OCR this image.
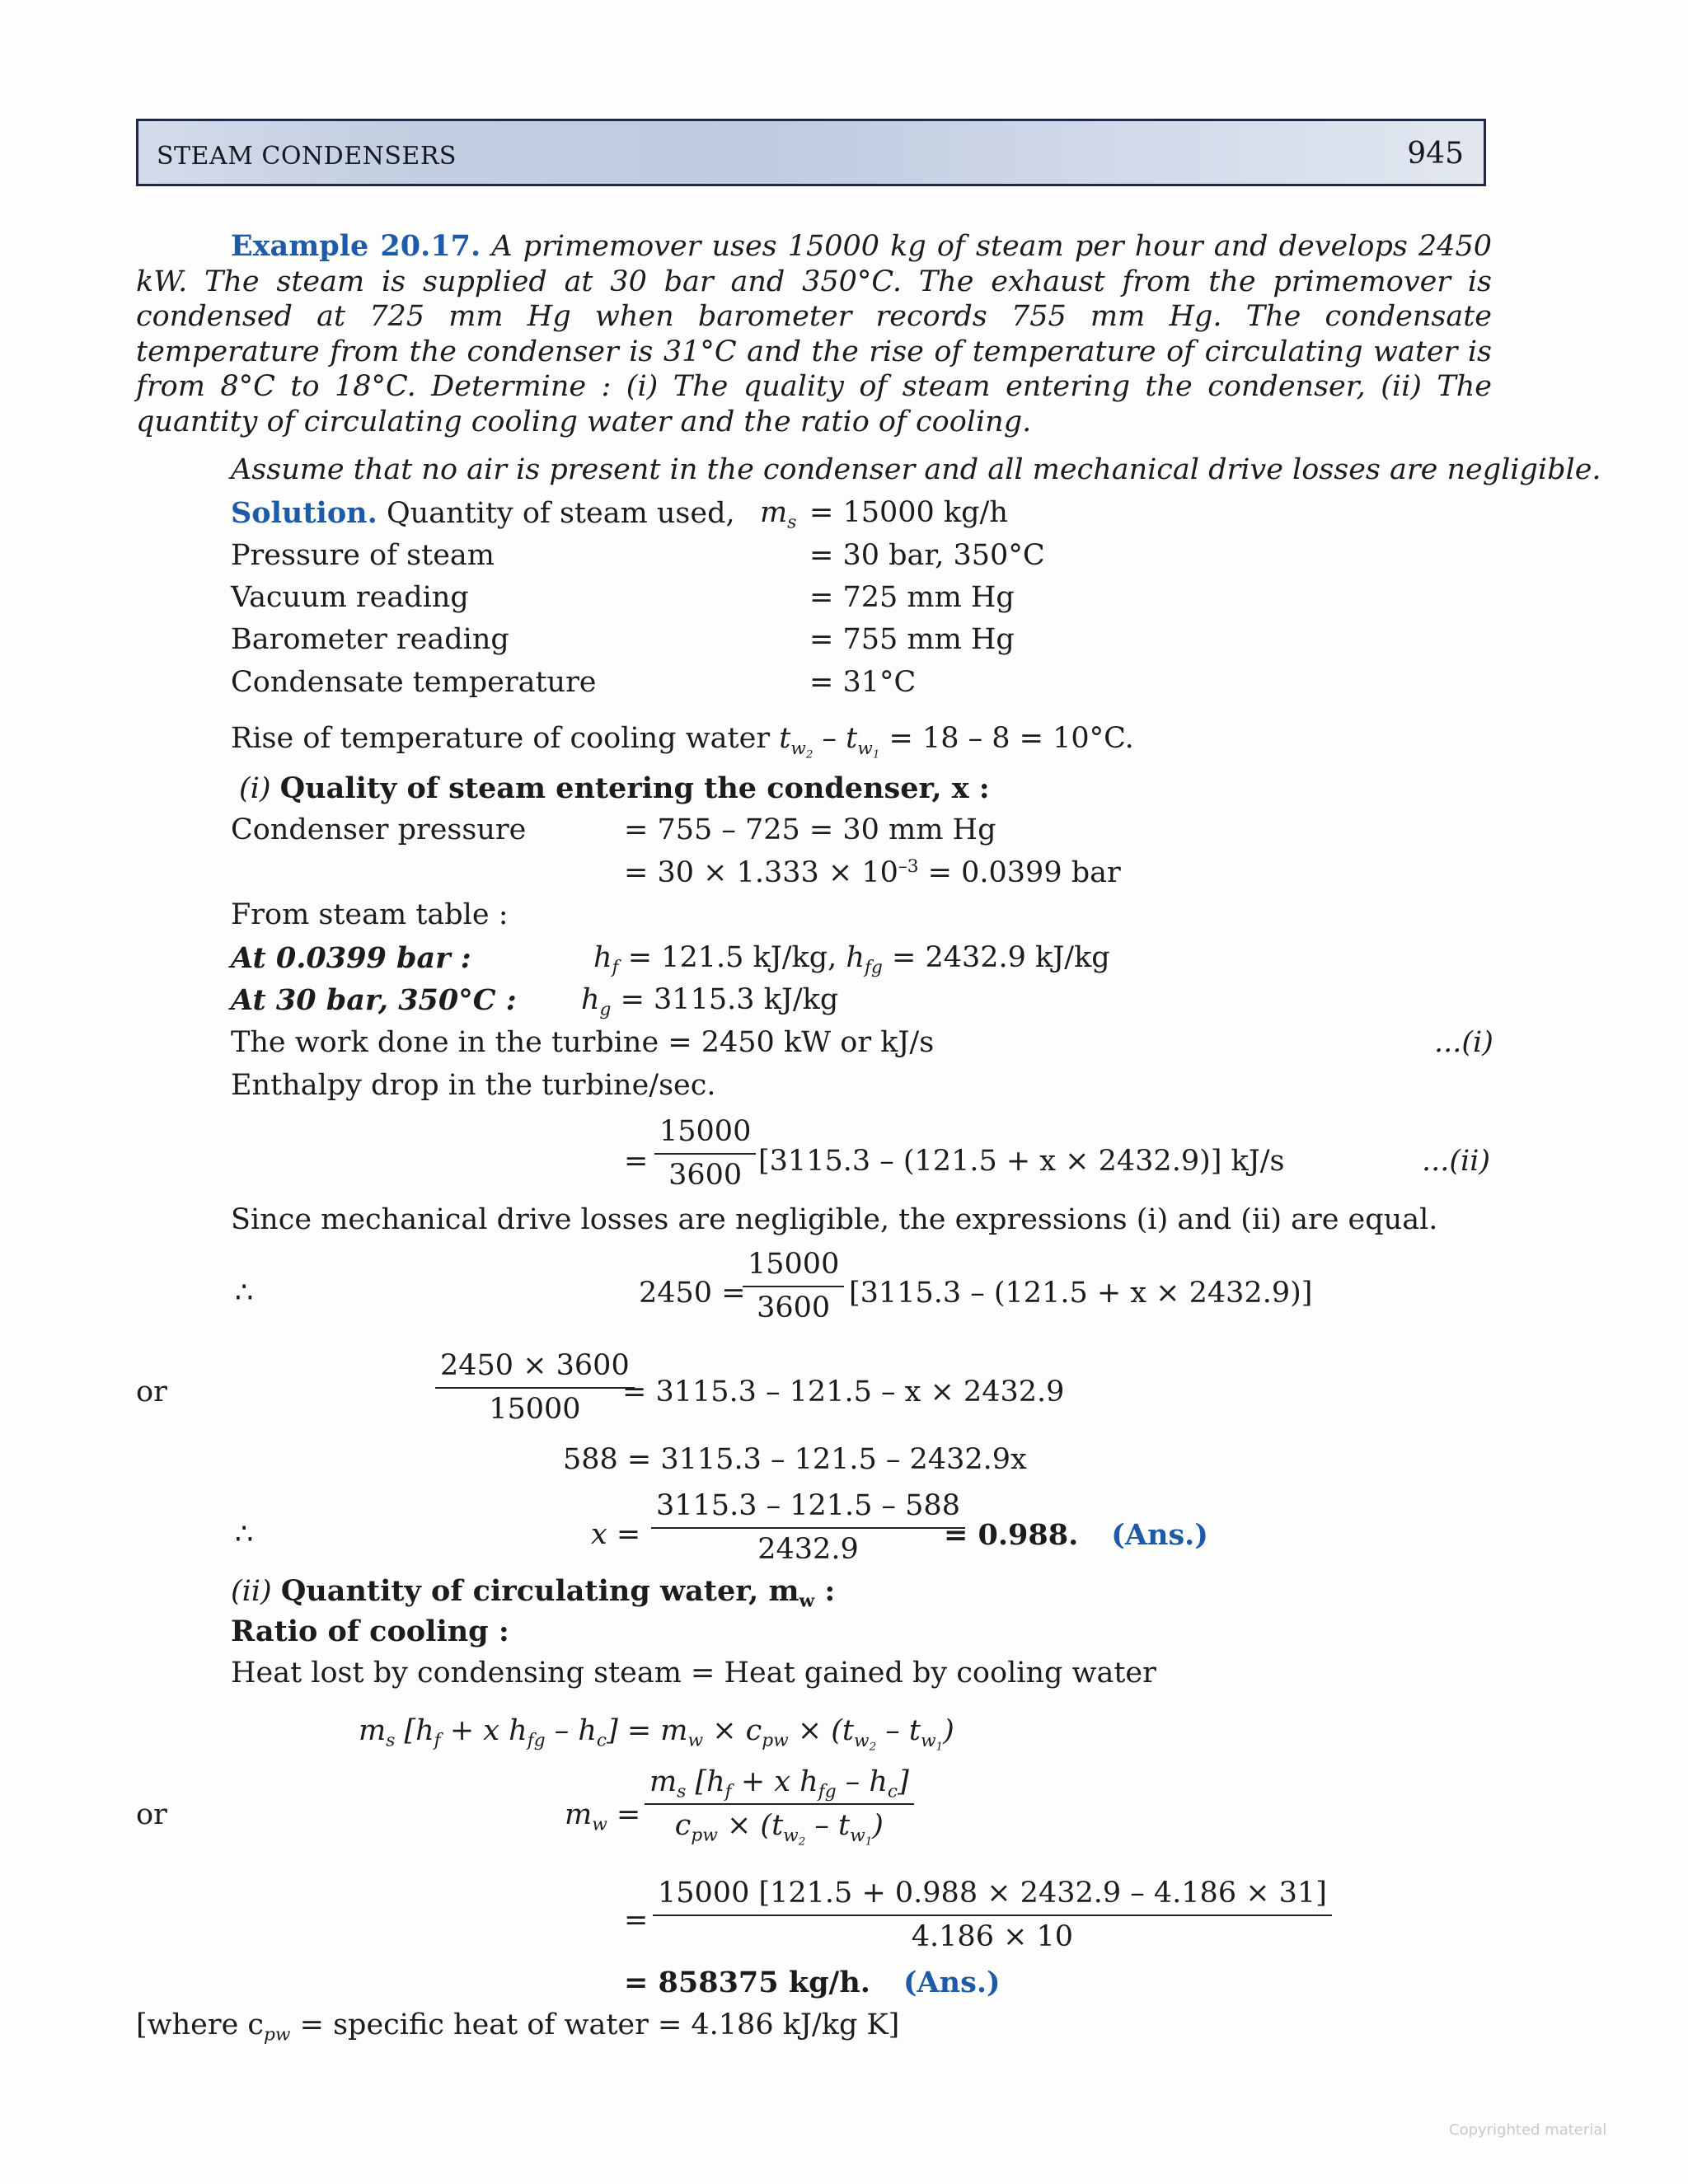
STEAM CONDENSERS	945
Example 20.17. A primemover uses 15000 kg of steam per hour and develops 2450 kW. The steam is supplied at 30 bar and 350°C. The exhaust from the primemover is condensed at 725 mm Hg when barometer records 755 mm Hg. The condensate temperature from the condenser is 31°C and the rise of temperature of circulating water is from 8°C to 18°C. Determine : (i) The quality of steam entering the condenser, (ii) The quantity of circulating cooling water and the ratio of cooling.
Assume that no air is present in the condenser and all mechanical drive losses are negligible.
Solution. Quantity of steam used, $m_s = 15000$ kg/h
Pressure of steam	= 30 bar, 350°C
Vacuum reading	= 725 mm Hg
Barometer reading	= 755 mm Hg
Condensate temperature	= 31°C
Rise of temperature of cooling water $t_{w_2} - t_{w_1} = 18 - 8 = 10^\circ C$.
(i) Quality of steam entering the condenser, x :
Condenser pressure	= 755 – 725 = 30 mm Hg
= $30 \times 1.333 \times 10^{-3} = 0.0399$ bar
From steam table :
At 0.0399 bar :	$h_f = 121.5$ kJ/kg, $h_{fg} = 2432.9$ kJ/kg
At 30 bar, 350°C : $h_g = 3115.3$ kJ/kg
The work done in the turbine = 2450 kW or kJ/s	...(i)
Enthalpy drop in the turbine/sec.
= $\frac{15000}{3600} [3115.3 - (121.5 + x \times 2432.9)]$ kJ/s	...(ii)
Since mechanical drive losses are negligible, the expressions (i) and (ii) are equal.
∴	2450 =
$\frac{15000}{3600} [3115.3 - (121.5 + x \times 2432.9)]$
or	$\frac{2450 \times 3600}{15000}$
= 3115.3 – 121.5 – x × 2432.9
588 = 3115.3 – 121.5 – 2432.9x
∴	$x = \frac{3115.3 - 121.5 - 588}{2432.9}$
= 0.988. (Ans.)
(ii) Quantity of circulating water, $m_w$ :
Ratio of cooling :
Heat lost by condensing steam = Heat gained by cooling water
$m_s$ [$h_f + x$ $h_{fg} - h_c] = m_w \times c_{pw} \times (t_{w_2} - t_{w_1})$
or	$m_w$ =
$m_s$ [$h_f + x$ $h_{fg} - h_c$]
$c_{pw} \times (t_{w_2} - t_{w_1})$
= $\frac{15000 [121.5 + 0.988 \times 2432.9 - 4.186 \times 31]}{4.186 \times 10}$
= 858375 kg/h. (Ans.)
[where $c_{pw}$ = specific heat of water = 4.186 kJ/kg K]
Copyrighted material
